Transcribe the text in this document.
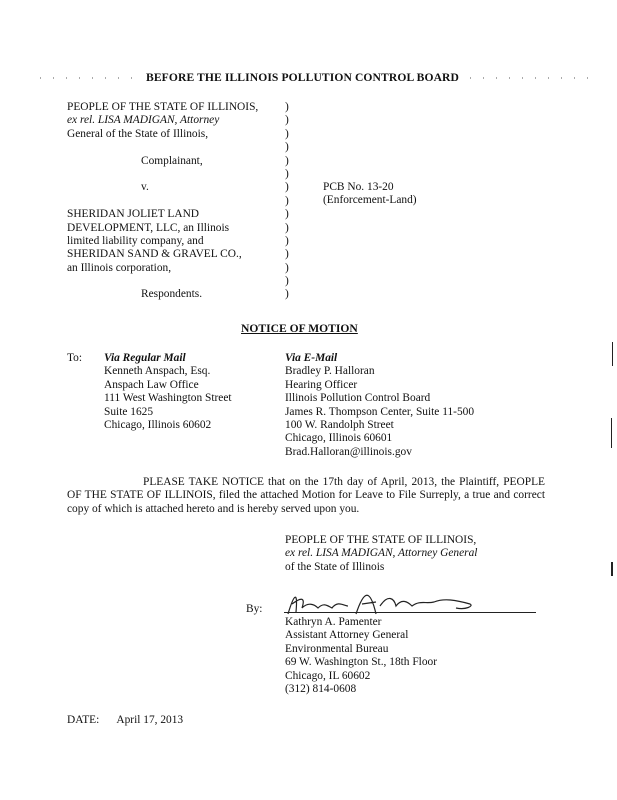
BEFORE THE ILLINOIS POLLUTION CONTROL BOARD
PEOPLE OF THE STATE OF ILLINOIS,
ex rel. LISA MADIGAN, Attorney
General of the State of Illinois,
Complainant,
v.
SHERIDAN JOLIET LAND
DEVELOPMENT, LLC, an Illinois
limited liability company, and
SHERIDAN SAND & GRAVEL CO.,
an Illinois corporation,
Respondents.
)
)
)
)
)
)
)
)
)
)
)
)
)
)
)
PCB No. 13-20
(Enforcement-Land)
NOTICE OF MOTION
To: Via Regular Mail
Kenneth Anspach, Esq.
Anspach Law Office
111 West Washington Street
Suite 1625
Chicago, Illinois 60602
Via E-Mail
Bradley P. Halloran
Hearing Officer
Illinois Pollution Control Board
James R. Thompson Center, Suite 11-500
100 W. Randolph Street
Chicago, Illinois 60601
Brad.Halloran@illinois.gov
PLEASE TAKE NOTICE that on the 17th day of April, 2013, the Plaintiff, PEOPLE OF THE STATE OF ILLINOIS, filed the attached Motion for Leave to File Surreply, a true and correct copy of which is attached hereto and is hereby served upon you.
PEOPLE OF THE STATE OF ILLINOIS,
ex rel. LISA MADIGAN, Attorney General
of the State of Illinois
By:
Kathryn A. Pamenter
Assistant Attorney General
Environmental Bureau
69 W. Washington St., 18th Floor
Chicago, IL 60602
(312) 814-0608
DATE: April 17, 2013
